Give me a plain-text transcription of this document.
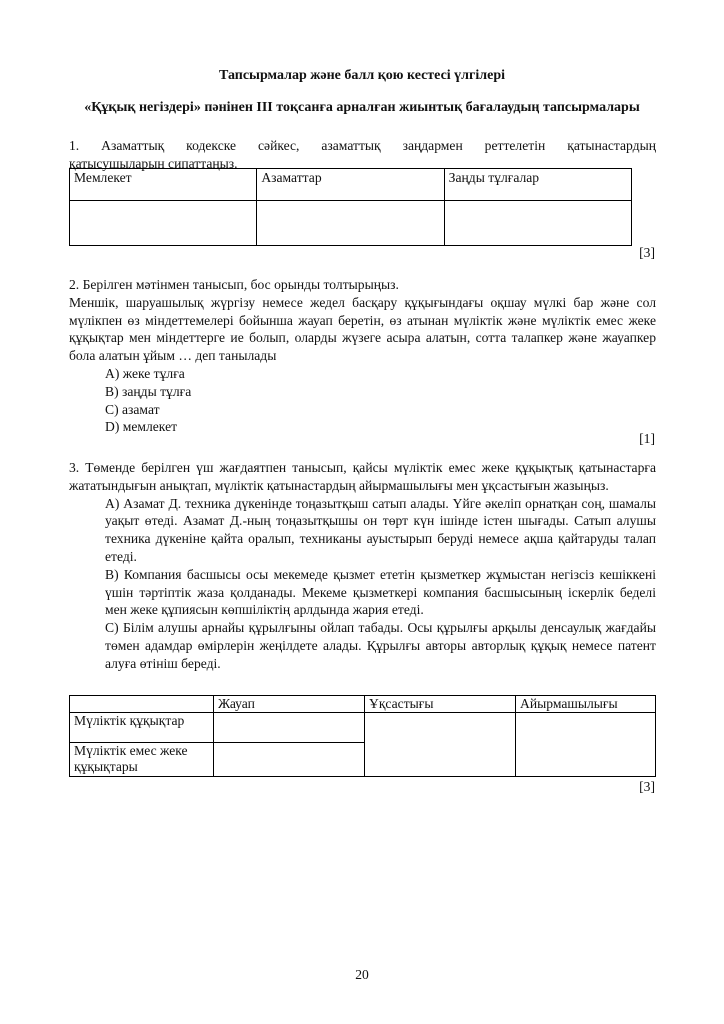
Тапсырмалар және балл қою кестесі үлгілері
«Құқық негіздері» пәнінен ІІІ тоқсанға арналған жиынтық бағалаудың тапсырмалары
1. Азаматтық кодекске сәйкес, азаматтық заңдармен реттелетін қатынастардың
қатысушыларын сипаттаңыз.
Мемлекет	Азаматтар	Заңды тұлғалар

[3]
2. Берілген мәтінмен танысып, бос орынды толтырыңыз.
Меншік, шаруашылық жүргізу немесе жедел басқару құқығындағы оқшау мүлкі бар және сол мүлікпен өз міндеттемелері бойынша жауап беретін, өз атынан мүліктік және мүліктік емес жеке құқықтар мен міндеттерге ие болып, оларды жүзеге асыра алатын, сотта талапкер және жауапкер бола алатын ұйым … деп танылады
A) жеке тұлға
B) заңды тұлға
C) азамат
D) мемлекет
[1]
3. Төменде берілген үш жағдаятпен танысып, қайсы мүліктік емес жеке құқықтық қатынастарға жататындығын анықтап, мүліктік қатынастардың айырмашылығы мен ұқсастығын жазыңыз.
A) Азамат Д. техника дүкенінде тоңазытқыш сатып алады. Үйге әкеліп орнатқан соң, шамалы уақыт өтеді. Азамат Д.-ның тоңазытқышы он төрт күн ішінде істен шығады. Сатып алушы техника дүкеніне қайта оралып, техниканы ауыстырып беруді немесе ақша қайтаруды талап етеді.
B) Компания басшысы осы мекемеде қызмет ететін қызметкер жұмыстан негізсіз кешіккені үшін тәртіптік жаза қолданады. Мекеме қызметкері компания басшысының іскерлік беделі мен жеке құпиясын көпшіліктің арлдында жария етеді.
C) Білім алушы арнайы құрылғыны ойлап табады. Осы құрылғы арқылы денсаулық жағдайы төмен адамдар өмірлерін жеңілдете алады. Құрылғы авторы авторлық құқық немесе патент алуға өтініш береді.
	Жауап	Ұқсастығы	Айырмашылығы
Мүліктік құқықтар			
Мүліктік емес жеке құқықтары			
[3]
20
